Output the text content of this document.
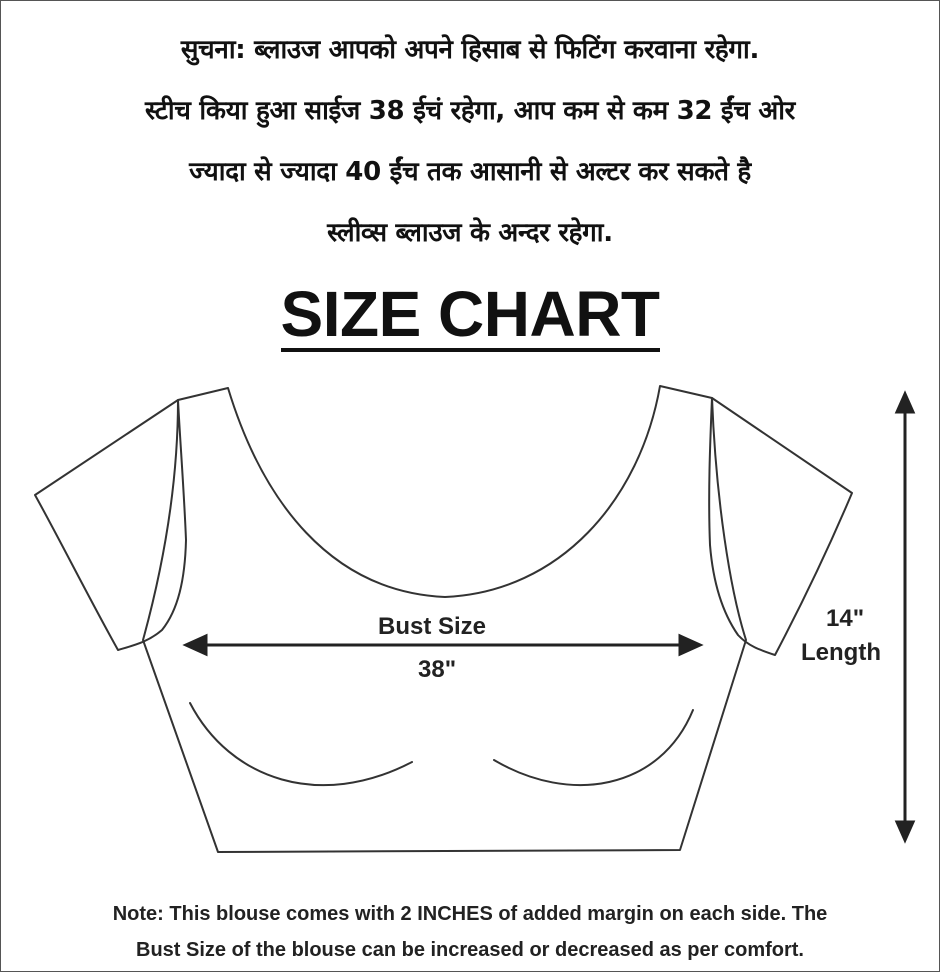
सुचना: ब्लाउज आपको अपने हिसाब से फिटिंग करवाना रहेगा.
स्टीच किया हुआ साईज 38 ईचं रहेगा, आप कम से कम 32 ईंच ओर
ज्यादा से ज्यादा 40 ईंच तक आसानी से अल्टर कर सकते है
स्लीव्स ब्लाउज के अन्दर रहेगा.
SIZE CHART
Bust Size
38"
14"
Length
Note: This blouse comes with 2 INCHES of added margin on each side. The
Bust Size of the blouse can be increased or decreased as per comfort.
